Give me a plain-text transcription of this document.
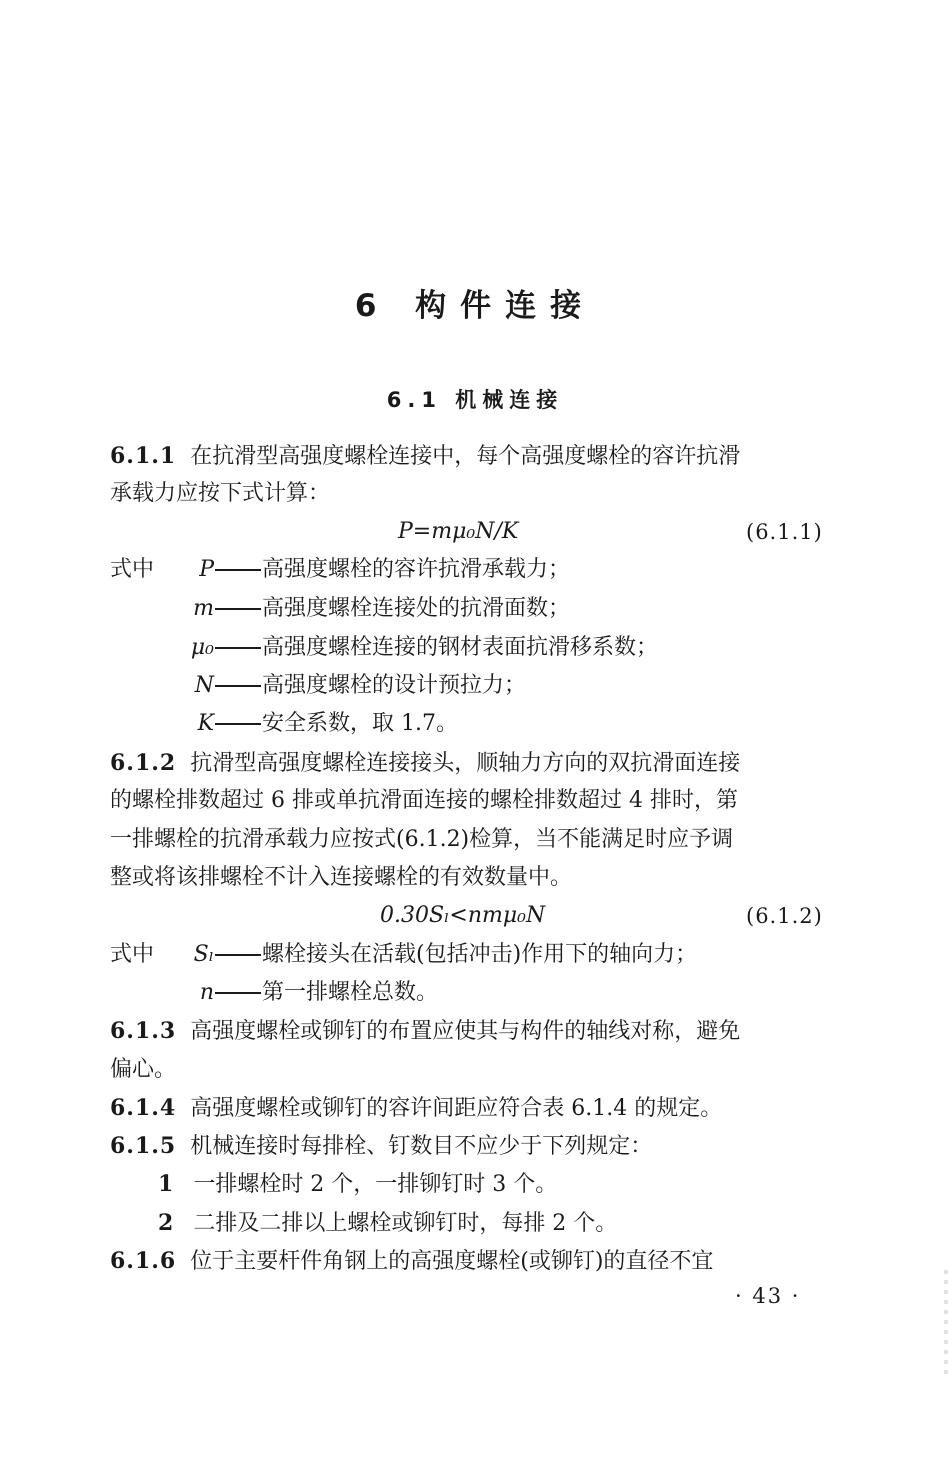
6 构件连接
6.1 机械连接
6.1.1 在抗滑型高强度螺栓连接中，每个高强度螺栓的容许抗滑
承载力应按下式计算：
P=mμ₀N/K	(6.1.1)
式中 P 高强度螺栓的容许抗滑承载力；
m 高强度螺栓连接处的抗滑面数；
μ₀ 高强度螺栓连接的钢材表面抗滑移系数；
N 高强度螺栓的设计预拉力；
K 安全系数，取 1.7。
6.1.2 抗滑型高强度螺栓连接接头，顺轴力方向的双抗滑面连接
的螺栓排数超过 6 排或单抗滑面连接的螺栓排数超过 4 排时，第
一排螺栓的抗滑承载力应按式(6.1.2)检算，当不能满足时应予调
整或将该排螺栓不计入连接螺栓的有效数量中。
0.30Sₗ<nmμ₀N	(6.1.2)
式中 Sₗ 螺栓接头在活载(包括冲击)作用下的轴向力；
n 第一排螺栓总数。
6.1.3 高强度螺栓或铆钉的布置应使其与构件的轴线对称，避免
偏心。
6.1.4 高强度螺栓或铆钉的容许间距应符合表 6.1.4 的规定。
6.1.5 机械连接时每排栓、钉数目不应少于下列规定：
1 一排螺栓时 2 个，一排铆钉时 3 个。
2 二排及二排以上螺栓或铆钉时，每排 2 个。
6.1.6 位于主要杆件角钢上的高强度螺栓(或铆钉)的直径不宜
· 43 ·
